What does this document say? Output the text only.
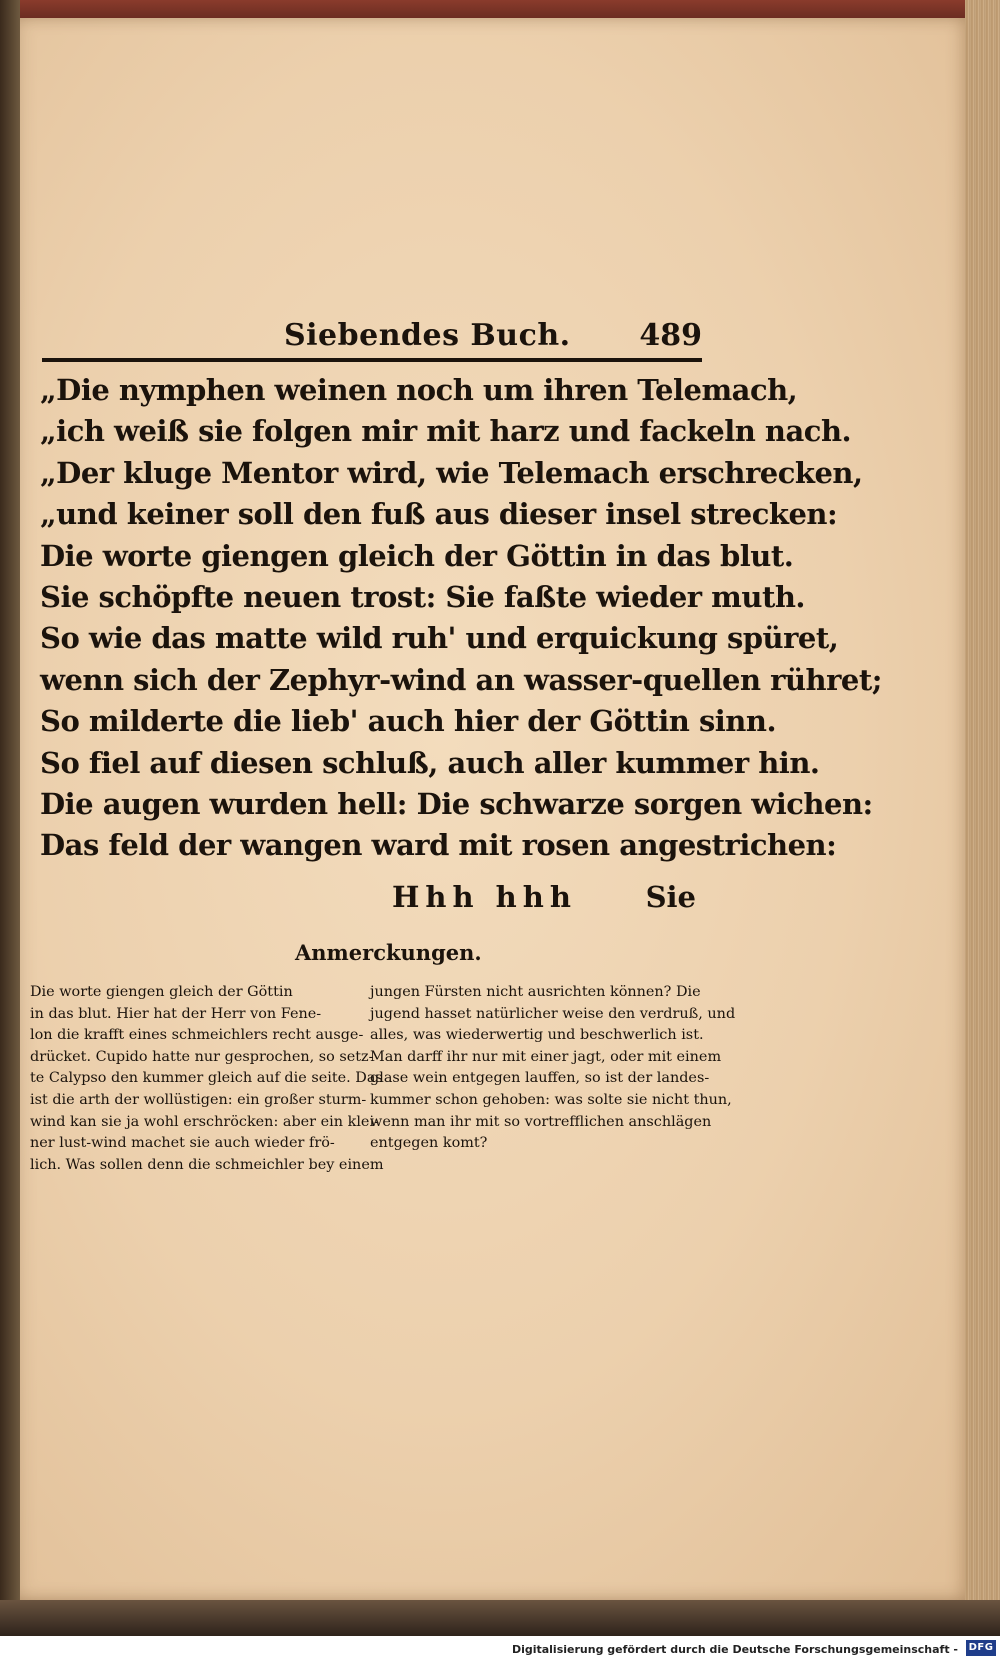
Siebendes Buch. 489
„Die nymphen weinen noch um ihren Telemach,
„ich weiß sie folgen mir mit harz und fackeln nach.
„Der kluge Mentor wird, wie Telemach erschrecken,
„und keiner soll den fuß aus dieser insel strecken:
Die worte giengen gleich der Göttin in das blut.
Sie schöpfte neuen trost: Sie faßte wieder muth.
So wie das matte wild ruh' und erquickung spüret,
wenn sich der Zephyr-wind an wasser-quellen rühret;
So milderte die lieb' auch hier der Göttin sinn.
So fiel auf diesen schluß, auch aller kummer hin.
Die augen wurden hell: Die schwarze sorgen wichen:
Das feld der wangen ward mit rosen angestrichen:
Hhh hhh Sie
Anmerckungen.
Die worte giengen gleich der Göttin
in das blut. Hier hat der Herr von Fene-
lon die krafft eines schmeichlers recht ausge-
drücket. Cupido hatte nur gesprochen, so setz-
te Calypso den kummer gleich auf die seite. Das
ist die arth der wollüstigen: ein großer sturm-
wind kan sie ja wohl erschröcken: aber ein klei-
ner lust-wind machet sie auch wieder frö-
lich. Was sollen denn die schmeichler bey einem
jungen Fürsten nicht ausrichten können? Die
jugend hasset natürlicher weise den verdruß, und
alles, was wiederwertig und beschwerlich ist.
Man darff ihr nur mit einer jagt, oder mit einem
glase wein entgegen lauffen, so ist der landes-
kummer schon gehoben: was solte sie nicht thun,
wenn man ihr mit so vortrefflichen anschlägen
entgegen komt?
Digitalisierung gefördert durch die Deutsche Forschungsgemeinschaft - DFG
